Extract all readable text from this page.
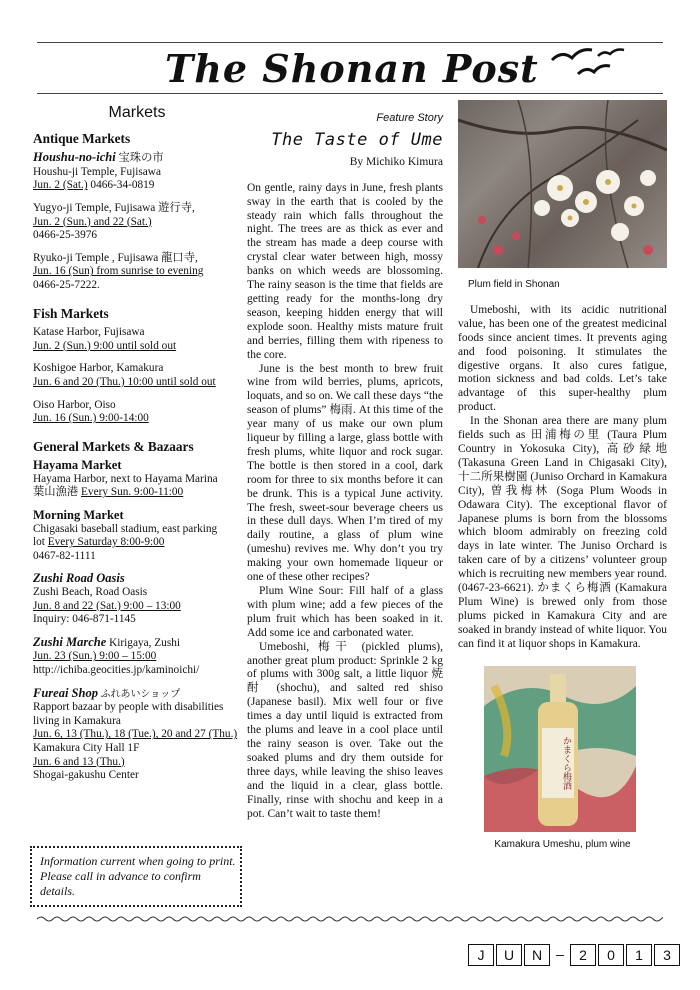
The Shonan Post
Markets
Antique Markets
Houshu-no-ichi 宝珠の市
Houshu-ji Temple, Fujisawa
Jun. 2 (Sat.) 0466-34-0819
Yugyo-ji Temple, Fujisawa 遊行寺,
Jun. 2 (Sun.) and 22 (Sat.)
0466-25-3976
Ryuko-ji Temple , Fujisawa 龍口寺,
Jun. 16 (Sun) from sunrise to evening
0466-25-7222.
Fish Markets
Katase Harbor, Fujisawa
Jun. 2 (Sun.) 9:00 until sold out
Koshigoe Harbor, Kamakura
Jun. 6 and 20 (Thu.) 10:00 until sold out
Oiso Harbor, Oiso
Jun. 16 (Sun.) 9:00-14:00
General Markets & Bazaars
Hayama Market
Hayama Harbor, next to Hayama Marina
葉山漁港 Every Sun. 9:00-11:00
Morning Market
Chigasaki baseball stadium, east parking
lot Every Saturday 8:00-9:00
0467-82-1111
Zushi Road Oasis
Zushi Beach, Road Oasis
Jun. 8 and 22 (Sat.) 9:00 – 13:00
Inquiry: 046-871-1145
Zushi Marche Kirigaya, Zushi
Jun. 23 (Sun.) 9:00 – 15:00
http://ichiba.geocities.jp/kaminoichi/
Fureai Shop ふれあいショップ
Rapport bazaar by people with disabilities living in Kamakura
Jun. 6, 13 (Thu.), 18 (Tue.), 20 and 27 (Thu.)
Kamakura City Hall 1F
Jun. 6 and 13 (Thu.)
Shogai-gakushu Center
Information current when going to print. Please call in advance to confirm details.
Feature Story
The Taste of Ume
By Michiko Kimura

On gentle, rainy days in June, fresh plants sway in the earth that is cooled by the steady rain which falls throughout the night. The trees are as thick as ever and the stream has made a deep course with crystal clear water between high, mossy banks on which weeds are blossoming. The rainy season is the time that fields are getting ready for the months-long dry season, keeping hidden energy that will explode soon. Healthy mists mature fruit and berries, filling them with ripeness to the core.

June is the best month to brew fruit wine from wild berries, plums, apricots, loquats, and so on. We call these days “the season of plums” 梅雨. At this time of the year many of us make our own plum liqueur by filling a large, glass bottle with fresh plums, white liquor and rock sugar. The bottle is then stored in a cool, dark room for three to six months before it can be drunk. This is a typical June activity. The fresh, sweet-sour beverage cheers us in these dull days. When I’m tired of my daily routine, a glass of plum wine (umeshu) revives me. Why don’t you try making your own homemade liqueur or one of these other recipes?

Plum Wine Sour: Fill half of a glass with plum wine; add a few pieces of the plum fruit which has been soaked in it. Add some ice and carbonated water.

Umeboshi, 梅干 (pickled plums), another great plum product: Sprinkle 2 kg of plums with 300g salt, a little liquor 焼酎 (shochu), and salted red shiso (Japanese basil). Mix well four or five times a day until liquid is extracted from the plums and leave in a cool place until the rainy season is over. Take out the soaked plums and dry them outside for three days, while leaving the shiso leaves and the liquid in a clear, glass bottle. Finally, rinse with shochu and keep in a pot. Can’t wait to taste them!

Plum field in Shonan

Umeboshi, with its acidic nutritional value, has been one of the greatest medicinal foods since ancient times. It prevents aging and food poisoning. It stimulates the digestive organs. It also cures fatigue, motion sickness and bad colds. Let’s take advantage of this super-healthy plum product.

In the Shonan area there are many plum fields such as 田浦梅の里 (Taura Plum Country in Yokosuka City), 高砂緑地 (Takasuna Green Land in Chigasaki City), 十二所果樹園 (Juniso Orchard in Kamakura City), 曽我梅林 (Soga Plum Woods in Odawara City). The exceptional flavor of Japanese plums is born from the blossoms which bloom admirably on freezing cold days in late winter. The Juniso Orchard is taken care of by a citizens’ volunteer group which is recruiting new members year round. (0467-23-6621). かまくら梅酒 (Kamakura Plum Wine) is brewed only from those plums picked in Kamakura City and are soaked in brandy instead of white liquor. You can find it at liquor shops in Kamakura.

かまくら梅酒
Kamakura Umeshu, plum wine
J	U	N	–	2	0	1	3
